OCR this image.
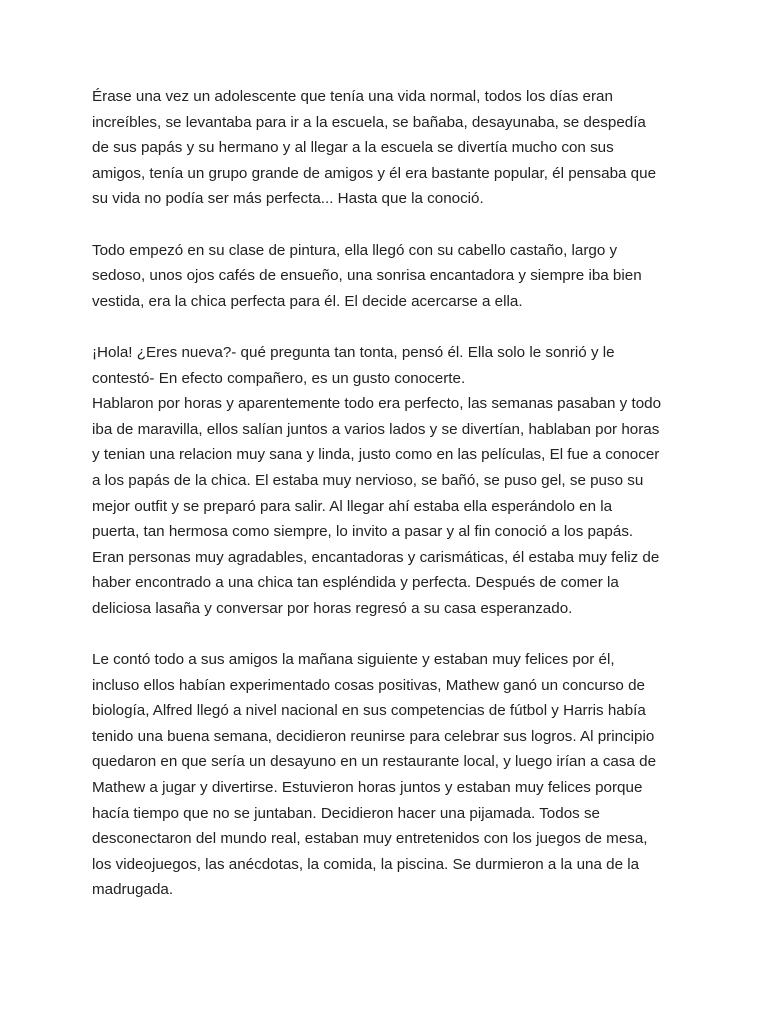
Érase una vez un adolescente que tenía una vida normal, todos los días eran
increíbles, se levantaba para ir a la escuela, se bañaba, desayunaba, se despedía
de sus papás y su hermano y al llegar a la escuela se divertía mucho con sus
amigos, tenía un grupo grande de amigos y él era bastante popular, él pensaba que
su vida no podía ser más perfecta... Hasta que la conoció.

Todo empezó en su clase de pintura, ella llegó con su cabello castaño, largo y
sedoso, unos ojos cafés de ensueño, una sonrisa encantadora y siempre iba bien
vestida, era la chica perfecta para él. El decide acercarse a ella.

¡Hola! ¿Eres nueva?- qué pregunta tan tonta, pensó él. Ella solo le sonrió y le
contestó- En efecto compañero, es un gusto conocerte.

Hablaron por horas y aparentemente todo era perfecto, las semanas pasaban y todo
iba de maravilla, ellos salían juntos a varios lados y se divertían, hablaban por horas
y tenian una relacion muy sana y linda, justo como en las películas, El fue a conocer
a los papás de la chica. El estaba muy nervioso, se bañó, se puso gel, se puso su
mejor outfit y se preparó para salir. Al llegar ahí estaba ella esperándolo en la
puerta, tan hermosa como siempre, lo invito a pasar y al fin conoció a los papás.
Eran personas muy agradables, encantadoras y carismáticas, él estaba muy feliz de
haber encontrado a una chica tan espléndida y perfecta. Después de comer la
deliciosa lasaña y conversar por horas regresó a su casa esperanzado.

Le contó todo a sus amigos la mañana siguiente y estaban muy felices por él,
incluso ellos habían experimentado cosas positivas, Mathew ganó un concurso de
biología, Alfred llegó a nivel nacional en sus competencias de fútbol y Harris había
tenido una buena semana, decidieron reunirse para celebrar sus logros. Al principio
quedaron en que sería un desayuno en un restaurante local, y luego irían a casa de
Mathew a jugar y divertirse. Estuvieron horas juntos y estaban muy felices porque
hacía tiempo que no se juntaban. Decidieron hacer una pijamada. Todos se
desconectaron del mundo real, estaban muy entretenidos con los juegos de mesa,
los videojuegos, las anécdotas, la comida, la piscina. Se durmieron a la una de la
madrugada.
